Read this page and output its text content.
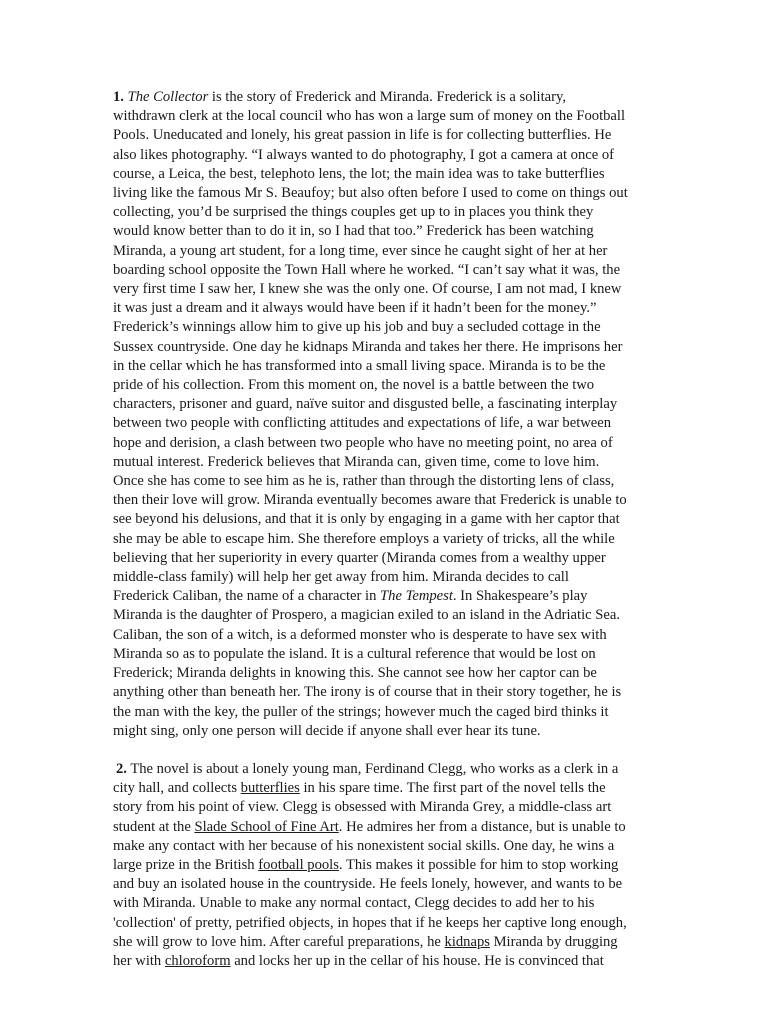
1. The Collector is the story of Frederick and Miranda. Frederick is a solitary, withdrawn clerk at the local council who has won a large sum of money on the Football Pools. Uneducated and lonely, his great passion in life is for collecting butterflies. He also likes photography. “I always wanted to do photography, I got a camera at once of course, a Leica, the best, telephoto lens, the lot; the main idea was to take butterflies living like the famous Mr S. Beaufoy; but also often before I used to come on things out collecting, you’d be surprised the things couples get up to in places you think they would know better than to do it in, so I had that too.” Frederick has been watching Miranda, a young art student, for a long time, ever since he caught sight of her at her boarding school opposite the Town Hall where he worked. “I can’t say what it was, the very first time I saw her, I knew she was the only one. Of course, I am not mad, I knew it was just a dream and it always would have been if it hadn’t been for the money.” Frederick’s winnings allow him to give up his job and buy a secluded cottage in the Sussex countryside. One day he kidnaps Miranda and takes her there. He imprisons her in the cellar which he has transformed into a small living space. Miranda is to be the pride of his collection. From this moment on, the novel is a battle between the two characters, prisoner and guard, naïve suitor and disgusted belle, a fascinating interplay between two people with conflicting attitudes and expectations of life, a war between hope and derision, a clash between two people who have no meeting point, no area of mutual interest. Frederick believes that Miranda can, given time, come to love him. Once she has come to see him as he is, rather than through the distorting lens of class, then their love will grow. Miranda eventually becomes aware that Frederick is unable to see beyond his delusions, and that it is only by engaging in a game with her captor that she may be able to escape him. She therefore employs a variety of tricks, all the while believing that her superiority in every quarter (Miranda comes from a wealthy upper middle-class family) will help her get away from him. Miranda decides to call Frederick Caliban, the name of a character in The Tempest. In Shakespeare’s play Miranda is the daughter of Prospero, a magician exiled to an island in the Adriatic Sea. Caliban, the son of a witch, is a deformed monster who is desperate to have sex with Miranda so as to populate the island. It is a cultural reference that would be lost on Frederick; Miranda delights in knowing this. She cannot see how her captor can be anything other than beneath her. The irony is of course that in their story together, he is the man with the key, the puller of the strings; however much the caged bird thinks it might sing, only one person will decide if anyone shall ever hear its tune.

2. The novel is about a lonely young man, Ferdinand Clegg, who works as a clerk in a city hall, and collects butterflies in his spare time. The first part of the novel tells the story from his point of view. Clegg is obsessed with Miranda Grey, a middle-class art student at the Slade School of Fine Art. He admires her from a distance, but is unable to make any contact with her because of his nonexistent social skills. One day, he wins a large prize in the British football pools. This makes it possible for him to stop working and buy an isolated house in the countryside. He feels lonely, however, and wants to be with Miranda. Unable to make any normal contact, Clegg decides to add her to his 'collection' of pretty, petrified objects, in hopes that if he keeps her captive long enough, she will grow to love him. After careful preparations, he kidnaps Miranda by drugging her with chloroform and locks her up in the cellar of his house. He is convinced that
